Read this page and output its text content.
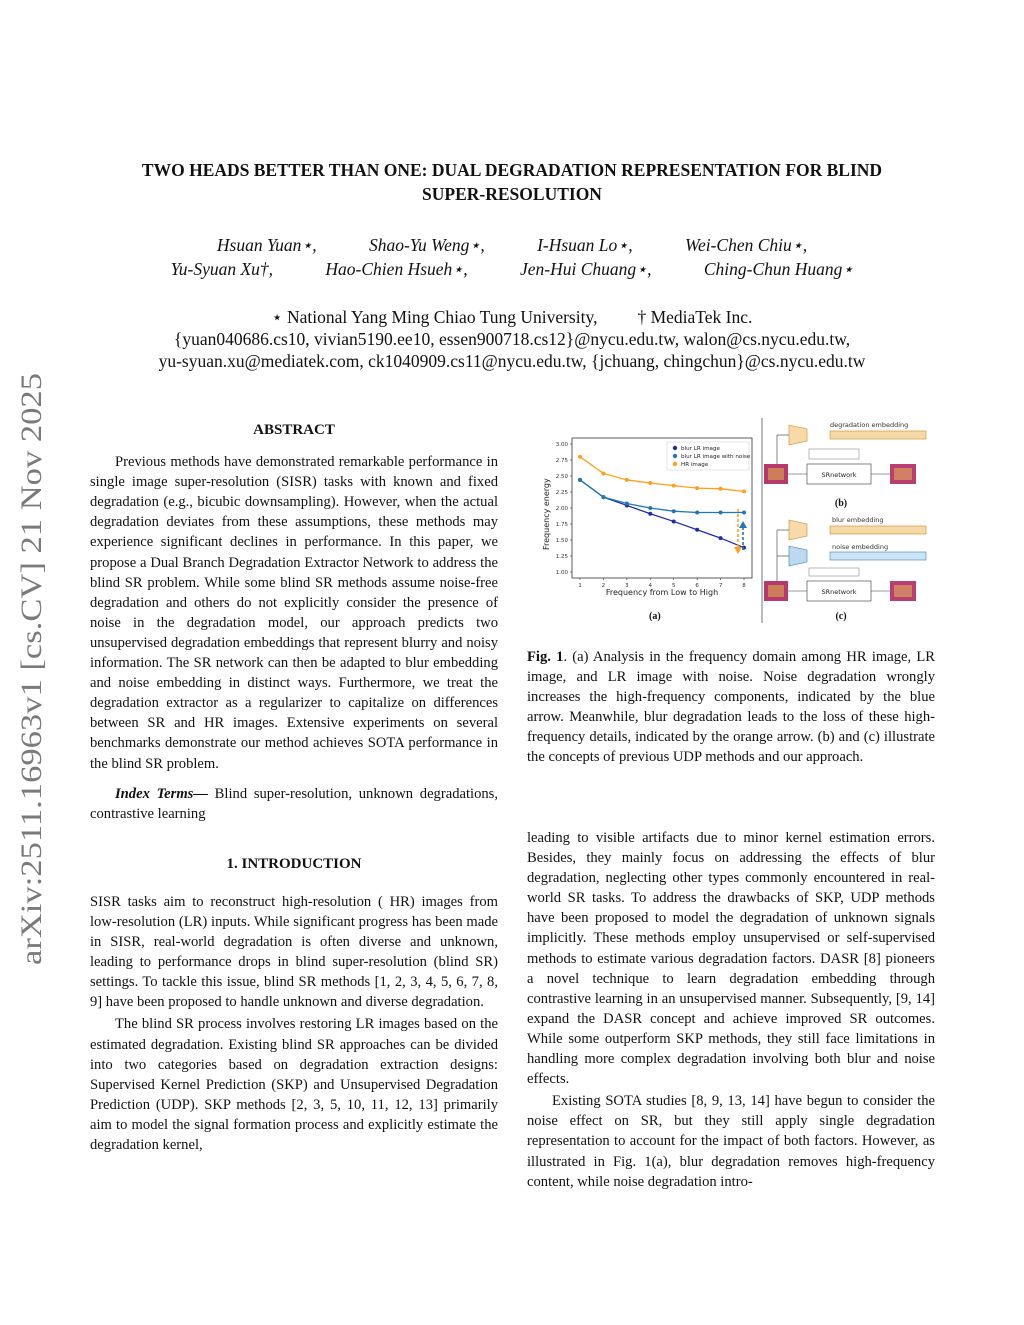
arXiv:2511.16963v1 [cs.CV] 21 Nov 2025
TWO HEADS BETTER THAN ONE: DUAL DEGRADATION REPRESENTATION FOR BLIND
SUPER-RESOLUTION
Hsuan Yuan⋆,	Shao-Yu Weng⋆,	I-Hsuan Lo⋆,	Wei-Chen Chiu⋆,
Yu-Syuan Xu†,	Hao-Chien Hsueh⋆,	Jen-Hui Chuang⋆,	Ching-Chun Huang⋆
⋆ National Yang Ming Chiao Tung University, † MediaTek Inc.
{yuan040686.cs10, vivian5190.ee10, essen900718.cs12}@nycu.edu.tw, walon@cs.nycu.edu.tw,
yu-syuan.xu@mediatek.com, ck1040909.cs11@nycu.edu.tw, {jchuang, chingchun}@cs.nycu.edu.tw
ABSTRACT

Previous methods have demonstrated remarkable performance in single image super-resolution (SISR) tasks with known and fixed degradation (e.g., bicubic downsampling). However, when the actual degradation deviates from these assumptions, these methods may experience significant declines in performance. In this paper, we propose a Dual Branch Degradation Extractor Network to address the blind SR problem. While some blind SR methods assume noise-free degradation and others do not explicitly consider the presence of noise in the degradation model, our approach predicts two unsupervised degradation embeddings that represent blurry and noisy information. The SR network can then be adapted to blur embedding and noise embedding in distinct ways. Furthermore, we treat the degradation extractor as a regularizer to capitalize on differences between SR and HR images. Extensive experiments on several benchmarks demonstrate our method achieves SOTA performance in the blind SR problem.

Index Terms— Blind super-resolution, unknown degradations, contrastive learning

1. INTRODUCTION

SISR tasks aim to reconstruct high-resolution ( HR) images from low-resolution (LR) inputs. While significant progress has been made in SISR, real-world degradation is often diverse and unknown, leading to performance drops in blind super-resolution (blind SR) settings. To tackle this issue, blind SR methods [1, 2, 3, 4, 5, 6, 7, 8, 9] have been proposed to handle unknown and diverse degradation.

The blind SR process involves restoring LR images based on the estimated degradation. Existing blind SR approaches can be divided into two categories based on degradation extraction designs: Supervised Kernel Prediction (SKP) and Unsupervised Degradation Prediction (UDP). SKP methods [2, 3, 5, 10, 11, 12, 13] primarily aim to model the signal formation process and explicitly estimate the degradation kernel,

1.00
1.25
1.50
1.75
2.00
2.25
2.50
2.75
3.00
1	2	3	4	5	6	7	8
blur LR image
blur LR image with noise
HR image
Frequency energy
Frequency from Low to High
(a)
degradation embedding
SRnetwork
(b)
blur embedding
noise embedding
SRnetwork
(c)

Fig. 1. (a) Analysis in the frequency domain among HR image, LR image, and LR image with noise. Noise degradation wrongly increases the high-frequency components, indicated by the blue arrow. Meanwhile, blur degradation leads to the loss of these high-frequency details, indicated by the orange arrow. (b) and (c) illustrate the concepts of previous UDP methods and our approach.

leading to visible artifacts due to minor kernel estimation errors. Besides, they mainly focus on addressing the effects of blur degradation, neglecting other types commonly encountered in real-world SR tasks. To address the drawbacks of SKP, UDP methods have been proposed to model the degradation of unknown signals implicitly. These methods employ unsupervised or self-supervised methods to estimate various degradation factors. DASR [8] pioneers a novel technique to learn degradation embedding through contrastive learning in an unsupervised manner. Subsequently, [9, 14] expand the DASR concept and achieve improved SR outcomes. While some outperform SKP methods, they still face limitations in handling more complex degradation involving both blur and noise effects.

Existing SOTA studies [8, 9, 13, 14] have begun to consider the noise effect on SR, but they still apply single degradation representation to account for the impact of both factors. However, as illustrated in Fig. 1(a), blur degradation removes high-frequency content, while noise degradation intro-
